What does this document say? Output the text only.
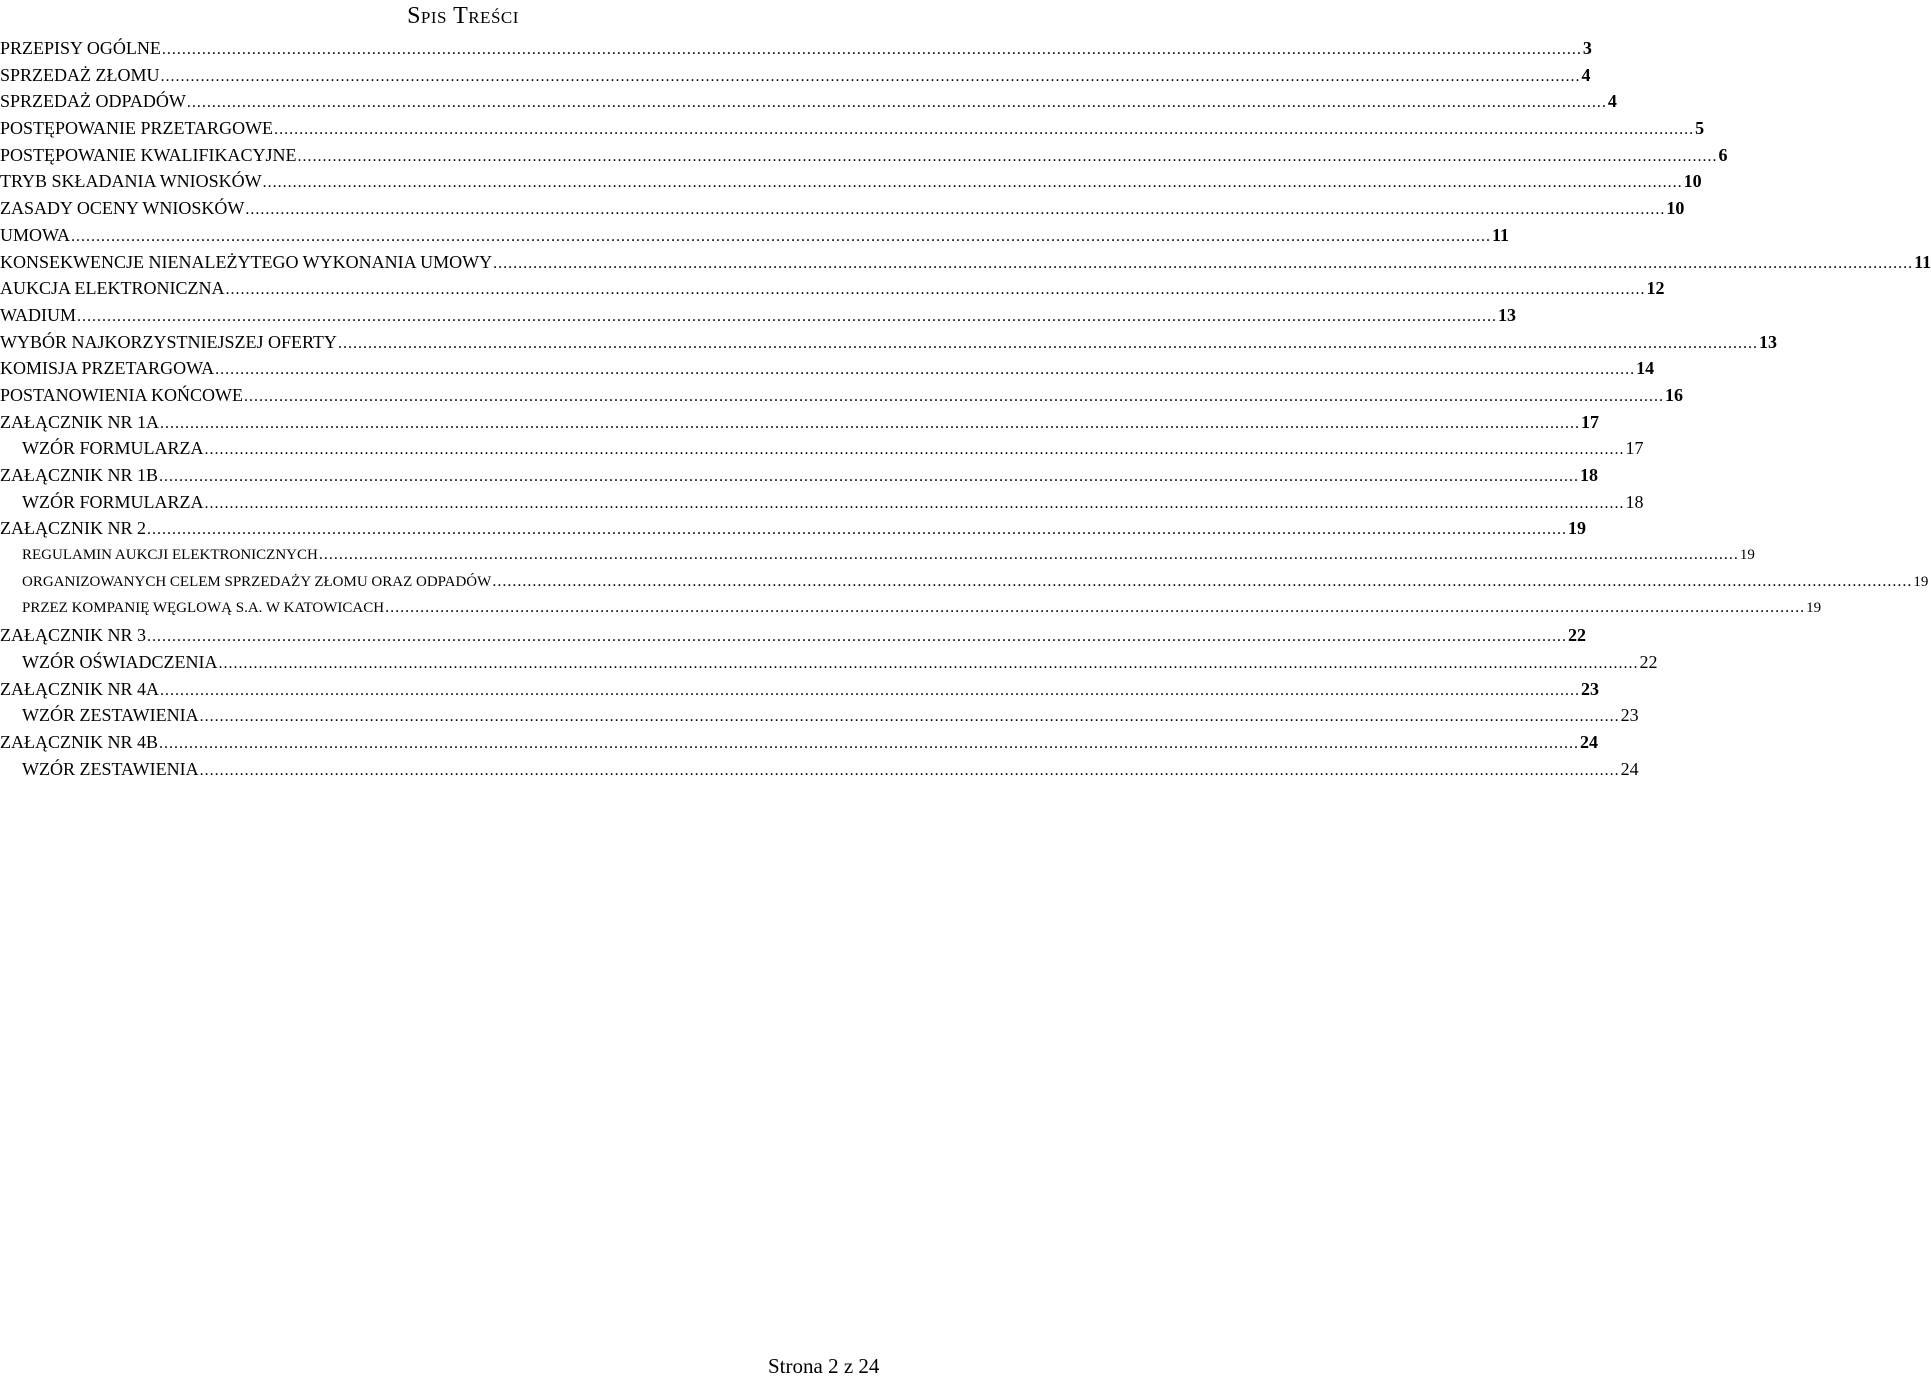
Spis Treści
PRZEPISY OGÓLNE ............................................................................................................................................................................................................................................................................................ 3
SPRZEDAŻ ZŁOMU ............................................................................................................................................................................................................................................................................................ 4
SPRZEDAŻ ODPADÓW ............................................................................................................................................................................................................................................................................................ 4
POSTĘPOWANIE PRZETARGOWE ............................................................................................................................................................................................................................................................................................ 5
POSTĘPOWANIE KWALIFIKACYJNE ............................................................................................................................................................................................................................................................................................ 6
TRYB SKŁADANIA WNIOSKÓW ............................................................................................................................................................................................................................................................................................ 10
ZASADY OCENY WNIOSKÓW ............................................................................................................................................................................................................................................................................................ 10
UMOWA ............................................................................................................................................................................................................................................................................................ 11
KONSEKWENCJE NIENALEŻYTEGO WYKONANIA UMOWY ............................................................................................................................................................................................................................................................................................ 11
AUKCJA ELEKTRONICZNA ............................................................................................................................................................................................................................................................................................ 12
WADIUM ............................................................................................................................................................................................................................................................................................ 13
WYBÓR NAJKORZYSTNIEJSZEJ OFERTY ............................................................................................................................................................................................................................................................................................ 13
KOMISJA PRZETARGOWA ............................................................................................................................................................................................................................................................................................ 14
POSTANOWIENIA KOŃCOWE ............................................................................................................................................................................................................................................................................................ 16
ZAŁĄCZNIK NR 1A ............................................................................................................................................................................................................................................................................................ 17
WZÓR FORMULARZA ............................................................................................................................................................................................................................................................................................ 17
ZAŁĄCZNIK NR 1B ............................................................................................................................................................................................................................................................................................ 18
WZÓR FORMULARZA ............................................................................................................................................................................................................................................................................................ 18
ZAŁĄCZNIK NR 2 ............................................................................................................................................................................................................................................................................................ 19
REGULAMIN AUKCJI ELEKTRONICZNYCH ............................................................................................................................................................................................................................................................................................ 19
ORGANIZOWANYCH CELEM SPRZEDAŻY ZŁOMU ORAZ ODPADÓW ............................................................................................................................................................................................................................................................................................ 19
PRZEZ KOMPANIĘ WĘGLOWĄ S.A. W KATOWICACH ............................................................................................................................................................................................................................................................................................ 19
ZAŁĄCZNIK NR 3 ............................................................................................................................................................................................................................................................................................ 22
WZÓR OŚWIADCZENIA ............................................................................................................................................................................................................................................................................................ 22
ZAŁĄCZNIK NR 4A ............................................................................................................................................................................................................................................................................................ 23
WZÓR ZESTAWIENIA ............................................................................................................................................................................................................................................................................................ 23
ZAŁĄCZNIK NR 4B ............................................................................................................................................................................................................................................................................................ 24
WZÓR ZESTAWIENIA ............................................................................................................................................................................................................................................................................................ 24
Strona 2 z 24
